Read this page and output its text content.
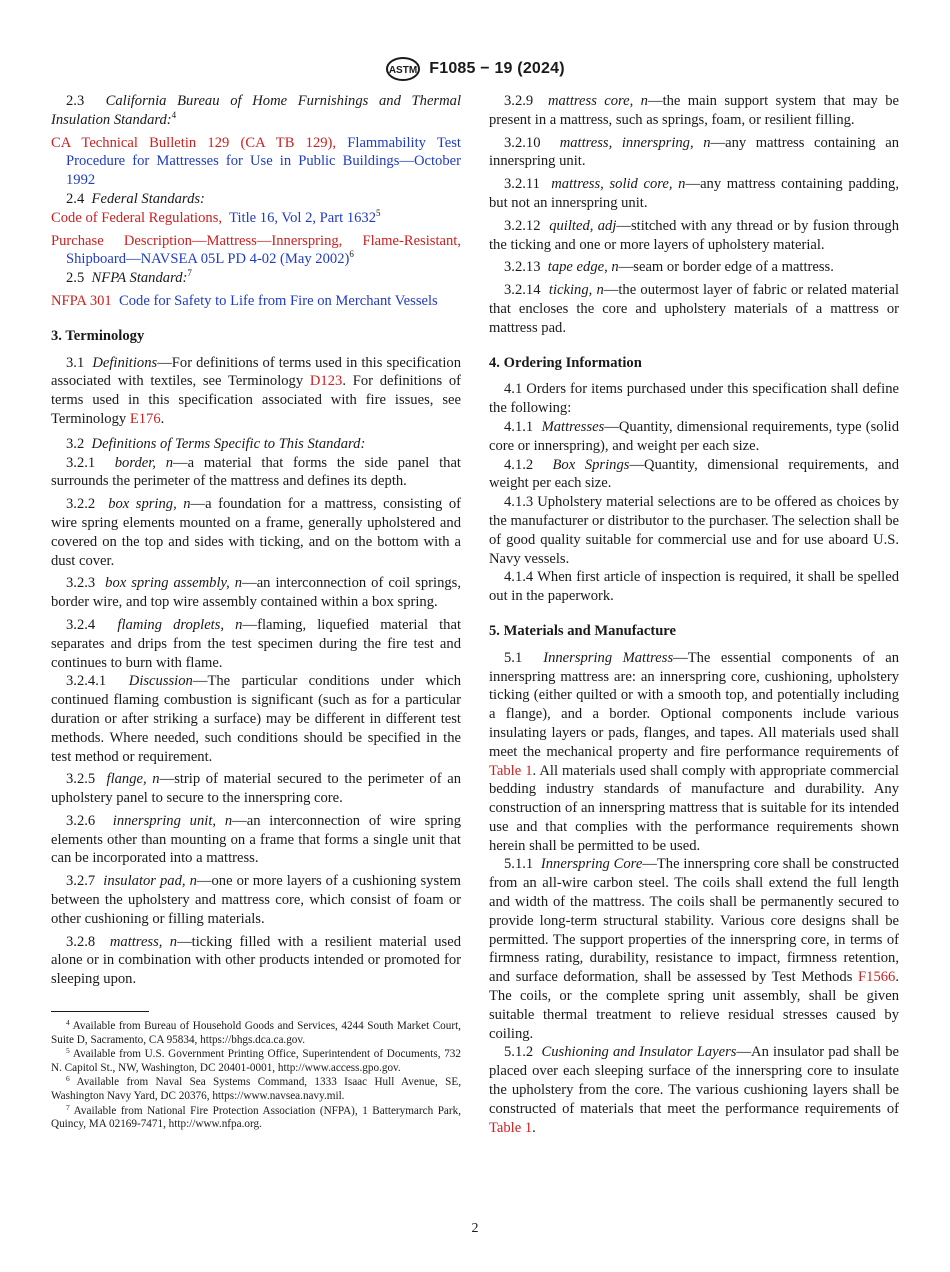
ASTM F1085 − 19 (2024)

2.3 California Bureau of Home Furnishings and Thermal Insulation Standard:$^4$

CA Technical Bulletin 129 (CA TB 129), Flammability Test Procedure for Mattresses for Use in Public Buildings—October 1992

2.4 Federal Standards:

Code of Federal Regulations, Title 16, Vol 2, Part 1632$^5$

Purchase Description—Mattress—Innerspring, Flame-Resistant, Shipboard—NAVSEA 05L PD 4-02 (May 2002)$^6$

2.5 NFPA Standard:$^7$

NFPA 301 Code for Safety to Life from Fire on Merchant Vessels

3. Terminology

3.1 Definitions—For definitions of terms used in this specification associated with textiles, see Terminology D123. For definitions of terms used in this specification associated with fire issues, see Terminology E176.

3.2 Definitions of Terms Specific to This Standard:

3.2.1 border, n—a material that forms the side panel that surrounds the perimeter of the mattress and defines its depth.

3.2.2 box spring, n—a foundation for a mattress, consisting of wire spring elements mounted on a frame, generally upholstered and covered on the top and sides with ticking, and on the bottom with a dust cover.

3.2.3 box spring assembly, n—an interconnection of coil springs, border wire, and top wire assembly contained within a box spring.

3.2.4 flaming droplets, n—flaming, liquefied material that separates and drips from the test specimen during the fire test and continues to burn with flame.

3.2.4.1 Discussion—The particular conditions under which continued flaming combustion is significant (such as for a particular duration or after striking a surface) may be different in different test methods. Where needed, such conditions should be specified in the test method or requirement.

3.2.5 flange, n—strip of material secured to the perimeter of an upholstery panel to secure to the innerspring core.

3.2.6 innerspring unit, n—an interconnection of wire spring elements other than mounting on a frame that forms a single unit that can be incorporated into a mattress.

3.2.7 insulator pad, n—one or more layers of a cushioning system between the upholstery and mattress core, which consist of foam or other cushioning or filling materials.

3.2.8 mattress, n—ticking filled with a resilient material used alone or in combination with other products intended or promoted for sleeping upon.

$^4$ Available from Bureau of Household Goods and Services, 4244 South Market Court, Suite D, Sacramento, CA 95834, https://bhgs.dca.ca.gov.

$^5$ Available from U.S. Government Printing Office, Superintendent of Documents, 732 N. Capitol St., NW, Washington, DC 20401-0001, http://www.access.gpo.gov.

$^6$ Available from Naval Sea Systems Command, 1333 Isaac Hull Avenue, SE, Washington Navy Yard, DC 20376, https://www.navsea.navy.mil.

$^7$ Available from National Fire Protection Association (NFPA), 1 Batterymarch Park, Quincy, MA 02169-7471, http://www.nfpa.org.

3.2.9 mattress core, n—the main support system that may be present in a mattress, such as springs, foam, or resilient filling.

3.2.10 mattress, innerspring, n—any mattress containing an innerspring unit.

3.2.11 mattress, solid core, n—any mattress containing padding, but not an innerspring unit.

3.2.12 quilted, adj—stitched with any thread or by fusion through the ticking and one or more layers of upholstery material.

3.2.13 tape edge, n—seam or border edge of a mattress.

3.2.14 ticking, n—the outermost layer of fabric or related material that encloses the core and upholstery materials of a mattress or mattress pad.

4. Ordering Information

4.1 Orders for items purchased under this specification shall define the following:

4.1.1 Mattresses—Quantity, dimensional requirements, type (solid core or innerspring), and weight per each size.

4.1.2 Box Springs—Quantity, dimensional requirements, and weight per each size.

4.1.3 Upholstery material selections are to be offered as choices by the manufacturer or distributor to the purchaser. The selection shall be of good quality suitable for commercial use and for use aboard U.S. Navy vessels.

4.1.4 When first article of inspection is required, it shall be spelled out in the paperwork.

5. Materials and Manufacture

5.1 Innerspring Mattress—The essential components of an innerspring mattress are: an innerspring core, cushioning, upholstery ticking (either quilted or with a smooth top, and potentially including a flange), and a border. Optional components include various insulating layers or pads, flanges, and tapes. All materials used shall meet the mechanical property and fire performance requirements of Table 1. All materials used shall comply with appropriate commercial bedding industry standards of manufacture and durability. Any construction of an innerspring mattress that is suitable for its intended use and that complies with the performance requirements shown herein shall be permitted to be used.

5.1.1 Innerspring Core—The innerspring core shall be constructed from an all-wire carbon steel. The coils shall extend the full length and width of the mattress. The coils shall be permanently secured to provide long-term structural stability. Various core designs shall be permitted. The support properties of the innerspring core, in terms of firmness rating, durability, resistance to impact, firmness retention, and surface deformation, shall be assessed by Test Methods F1566. The coils, or the complete spring unit assembly, shall be given suitable thermal treatment to relieve residual stresses caused by coiling.

5.1.2 Cushioning and Insulator Layers—An insulator pad shall be placed over each sleeping surface of the innerspring core to insulate the upholstery from the core. The various cushioning layers shall be constructed of materials that meet the performance requirements of Table 1.

2
